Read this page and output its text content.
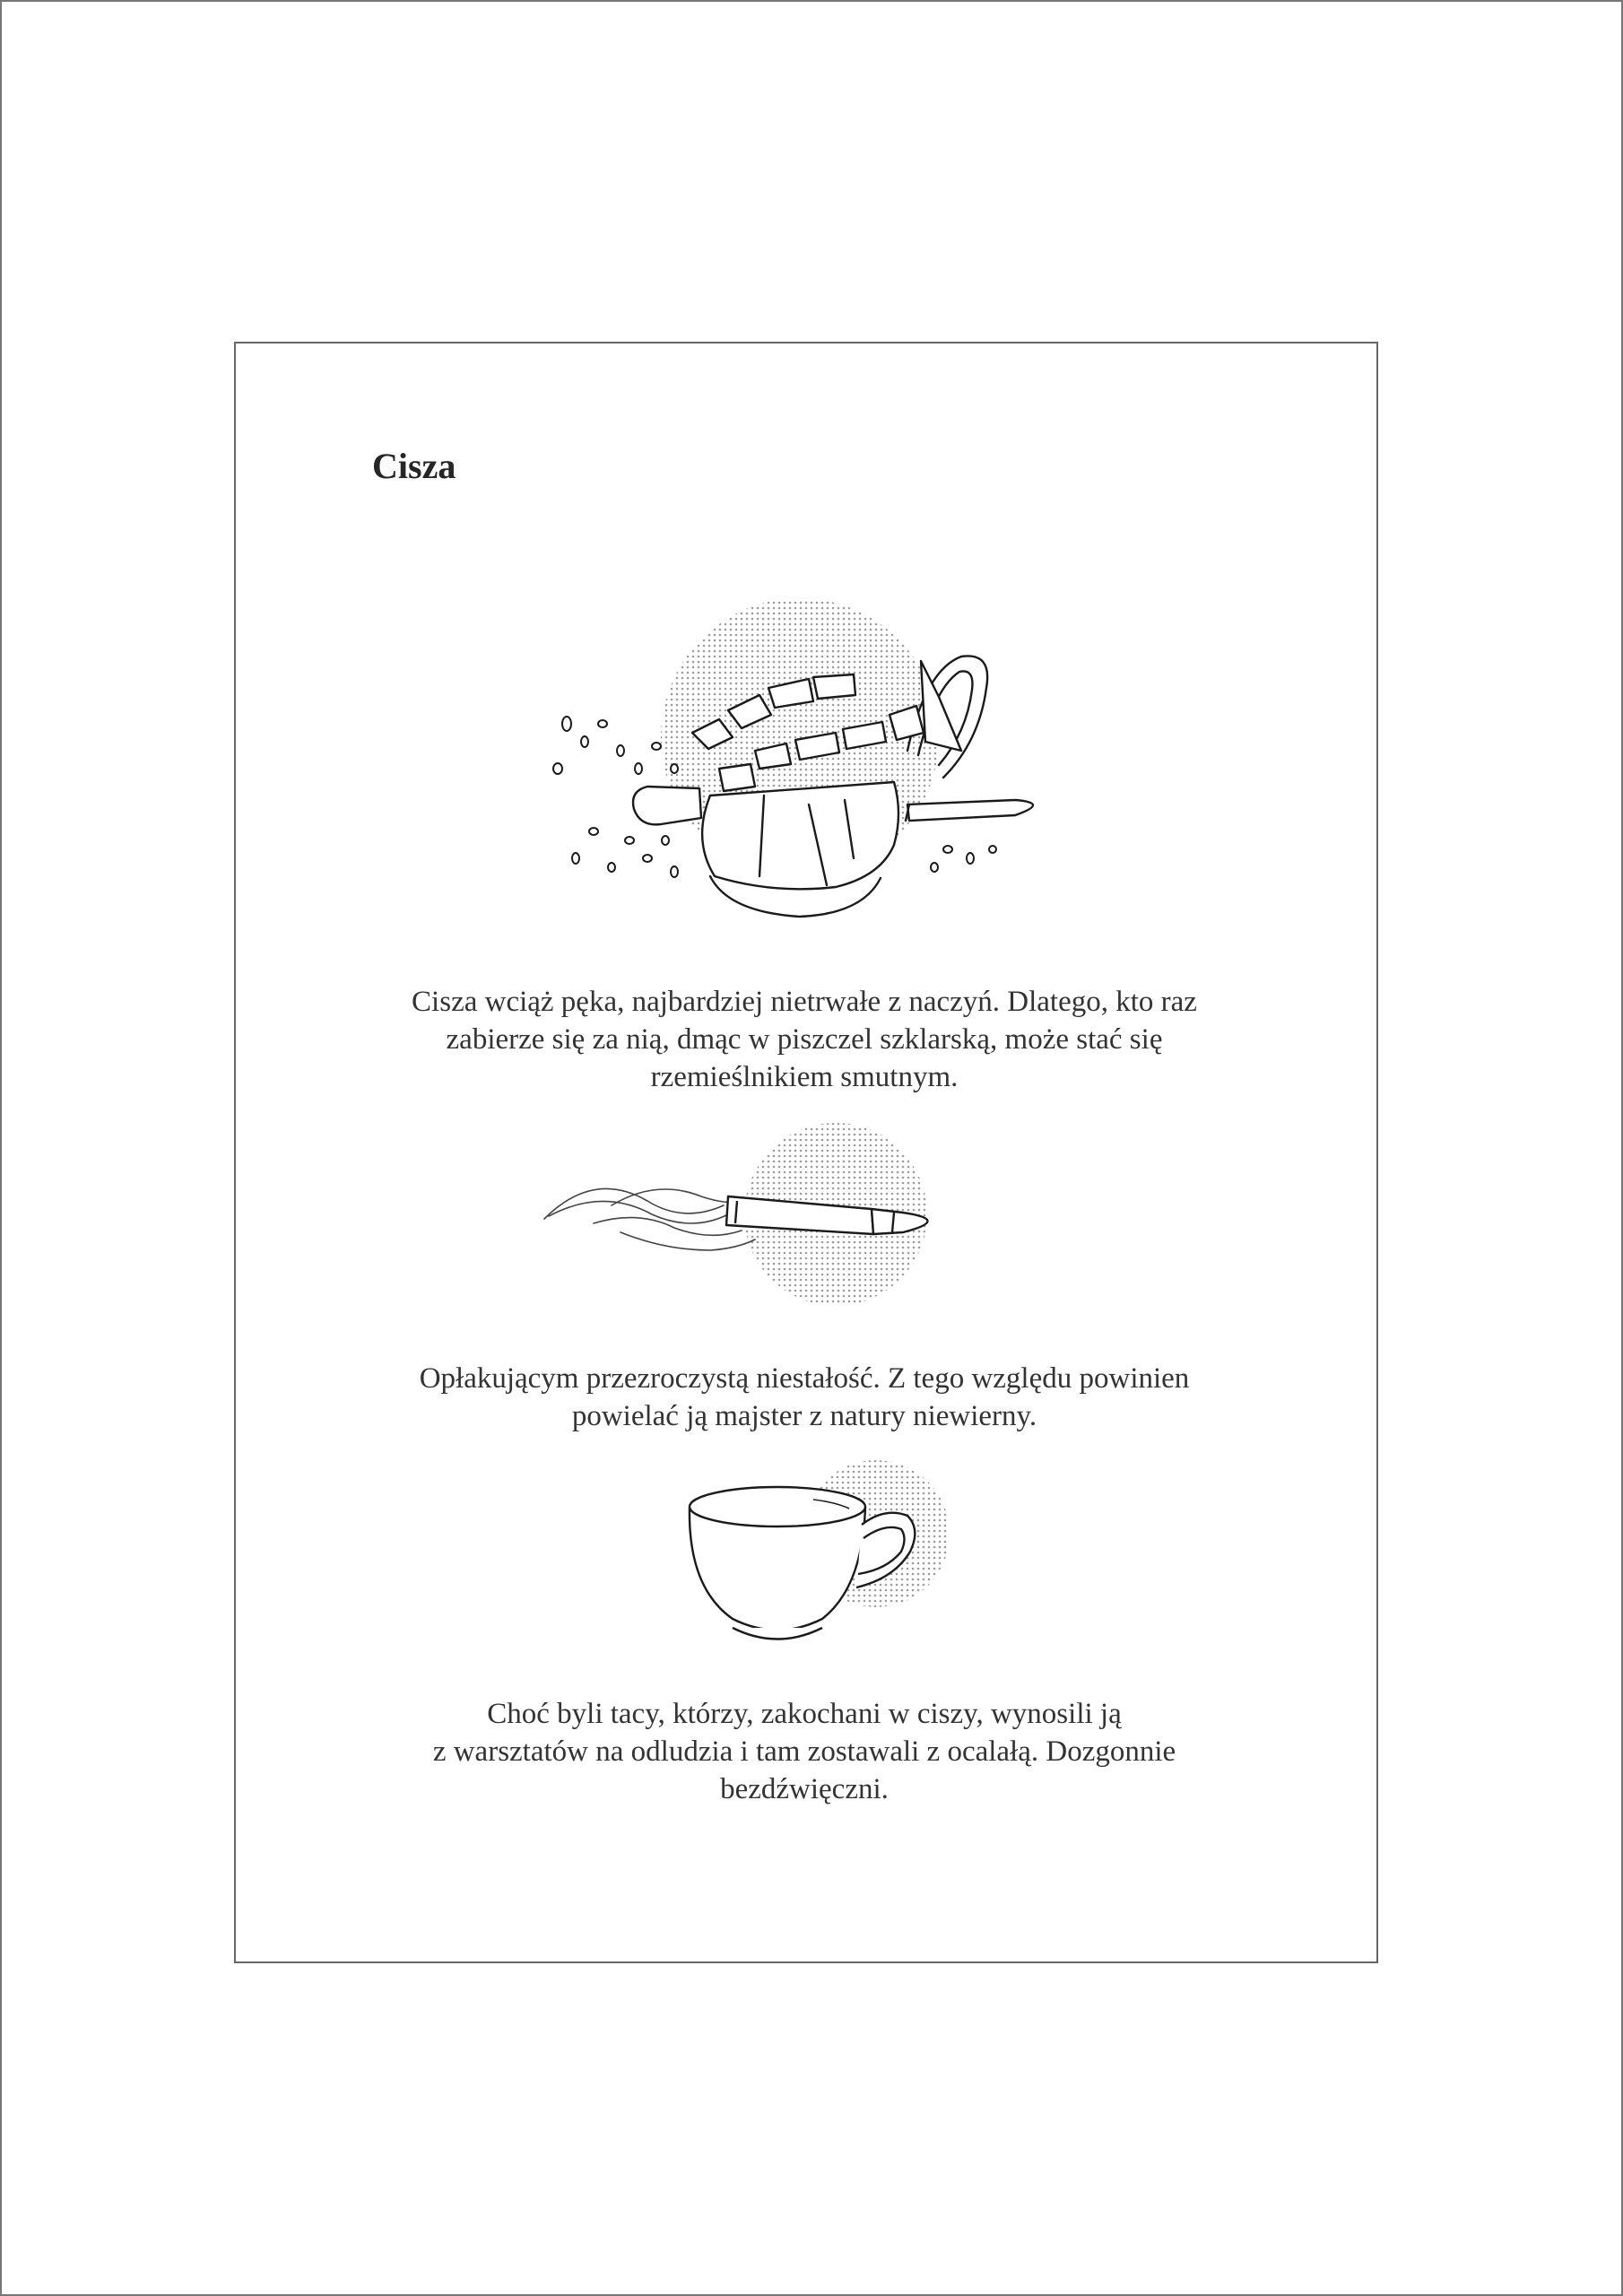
Cisza

Cisza wciąż pęka, najbardziej nietrwałe z naczyń. Dlatego, kto raz
zabierze się za nią, dmąc w piszczel szklarską, może stać się
rzemieślnikiem smutnym.

Opłakującym przezroczystą niestałość. Z tego względu powinien
powielać ją majster z natury niewierny.

Choć byli tacy, którzy, zakochani w ciszy, wynosili ją
z warsztatów na odludzia i tam zostawali z ocalałą. Dozgonnie
bezdźwięczni.
